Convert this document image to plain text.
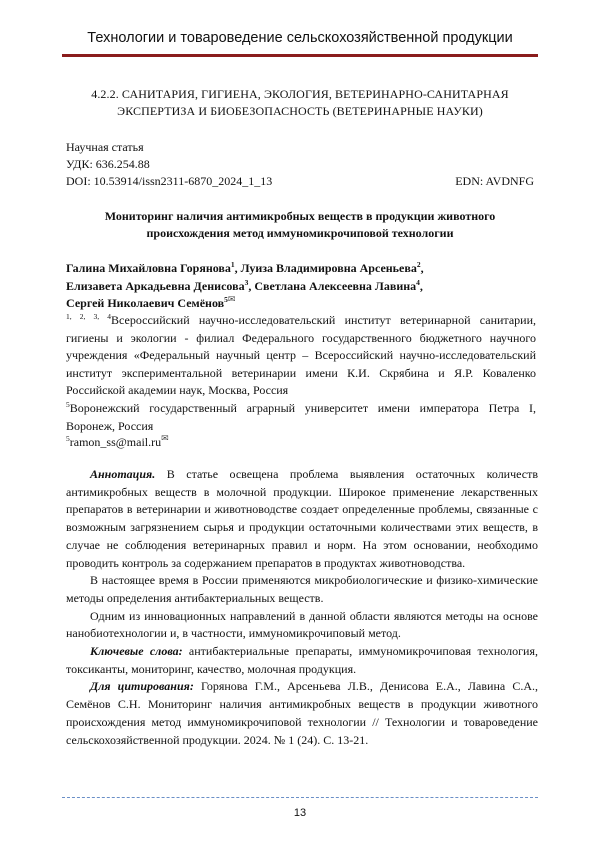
Технологии и товароведение сельскохозяйственной продукции
4.2.2. САНИТАРИЯ, ГИГИЕНА, ЭКОЛОГИЯ, ВЕТЕРИНАРНО-САНИТАРНАЯ
ЭКСПЕРТИЗА И БИОБЕЗОПАСНОСТЬ (ВЕТЕРИНАРНЫЕ НАУКИ)
Научная статья
УДК: 636.254.88
DOI: 10.53914/issn2311-6870_2024_1_13	EDN: AVDNFG
Мониторинг наличия антимикробных веществ в продукции животного
происхождения метод иммуномикрочиповой технологии
Галина Михайловна Горянова$^1$, Луиза Владимировна Арсеньева$^2$,
Елизавета Аркадьевна Денисова$^3$, Светлана Алексеевна Лавина$^4$,
Сергей Николаевич Семёнов$^{5✉}$
$^{1, 2, 3, 4}$Всероссийский научно-исследовательский институт ветеринарной санитарии, гигиены и экологии - филиал Федерального государственного бюджетного научного учреждения «Федеральный научный центр – Всероссийский научно-исследовательский институт экспериментальной ветеринарии имени К.И. Скрябина и Я.Р. Коваленко Российской академии наук, Москва, Россия
$^5$Воронежский государственный аграрный университет имени императора Петра I, Воронеж, Россия
$^5$ramon_ss@mail.ru✉

Аннотация. В статье освещена проблема выявления остаточных количеств антимикробных веществ в молочной продукции. Широкое применение лекарственных препаратов в ветеринарии и животноводстве создает определенные проблемы, связанные с возможным загрязнением сырья и продукции остаточными количествами этих веществ, в случае не соблюдения ветеринарных правил и норм. На этом основании, необходимо проводить контроль за содержанием препаратов в продуктах животноводства.

В настоящее время в России применяются микробиологические и физико-химические методы определения антибактериальных веществ.

Одним из инновационных направлений в данной области являются методы на основе нанобиотехнологии и, в частности, иммуномикрочиповый метод.

Ключевые слова: антибактериальные препараты, иммуномикрочиповая технология, токсиканты, мониторинг, качество, молочная продукция.

Для цитирования: Горянова Г.М., Арсеньева Л.В., Денисова Е.А., Лавина С.А., Семёнов С.Н. Мониторинг наличия антимикробных веществ в продукции животного происхождения метод иммуномикрочиповой технологии // Технологии и товароведение сельскохозяйственной продукции. 2024. № 1 (24). С. 13-21.

13
